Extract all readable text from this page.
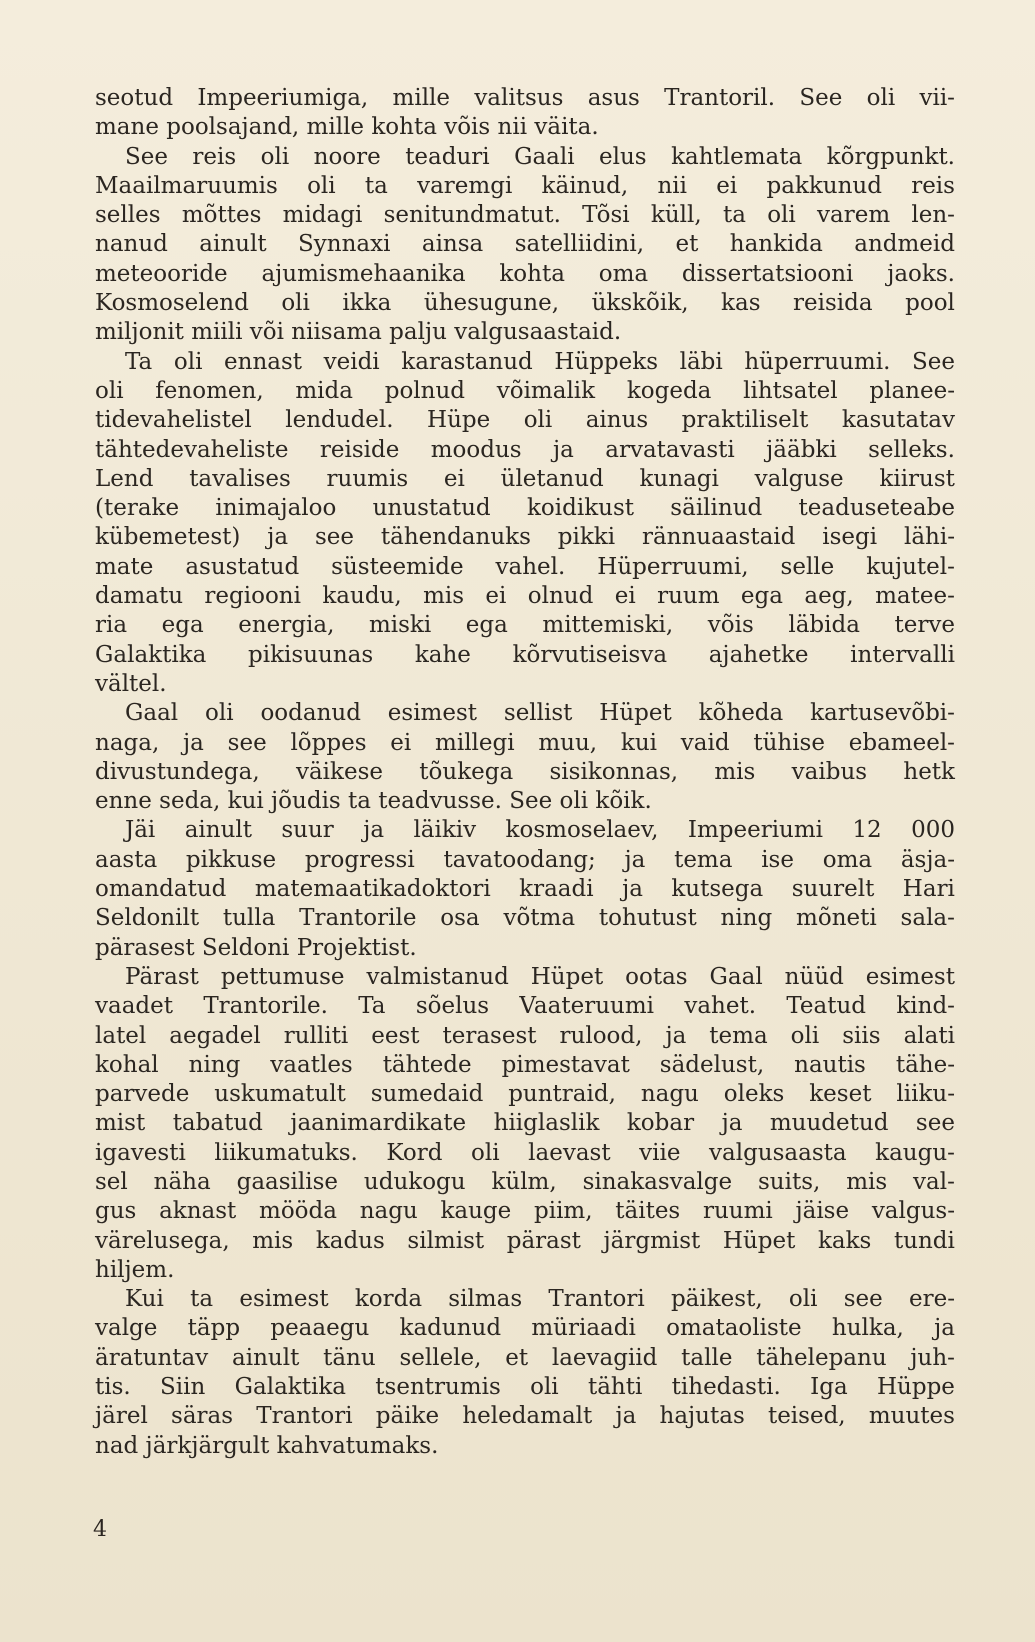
seotud Impeeriumiga, mille valitsus asus Trantoril. See oli vii-
mane poolsajand, mille kohta võis nii väita.
See reis oli noore teaduri Gaali elus kahtlemata kõrgpunkt.
Maailmaruumis oli ta varemgi käinud, nii ei pakkunud reis
selles mõttes midagi senitundmatut. Tõsi küll, ta oli varem len-
nanud ainult Synnaxi ainsa satelliidini, et hankida andmeid
meteooride ajumismehaanika kohta oma dissertatsiooni jaoks.
Kosmoselend oli ikka ühesugune, ükskõik, kas reisida pool
miljonit miili või niisama palju valgusaastaid.
Ta oli ennast veidi karastanud Hüppeks läbi hüperruumi. See
oli fenomen, mida polnud võimalik kogeda lihtsatel planee-
tidevahelistel lendudel. Hüpe oli ainus praktiliselt kasutatav
tähtedevaheliste reiside moodus ja arvatavasti jääbki selleks.
Lend tavalises ruumis ei ületanud kunagi valguse kiirust
(terake inimajaloo unustatud koidikust säilinud teaduseteabe
kübemetest) ja see tähendanuks pikki rännuaastaid isegi lähi-
mate asustatud süsteemide vahel. Hüperruumi, selle kujutel-
damatu regiooni kaudu, mis ei olnud ei ruum ega aeg, matee-
ria ega energia, miski ega mittemiski, võis läbida terve
Galaktika pikisuunas kahe kõrvutiseisva ajahetke intervalli
vältel.
Gaal oli oodanud esimest sellist Hüpet kõheda kartusevõbi-
naga, ja see lõppes ei millegi muu, kui vaid tühise ebameel-
divustundega, väikese tõukega sisikonnas, mis vaibus hetk
enne seda, kui jõudis ta teadvusse. See oli kõik.
Jäi ainult suur ja läikiv kosmoselaev, Impeeriumi 12 000
aasta pikkuse progressi tavatoodang; ja tema ise oma äsja-
omandatud matemaatikadoktori kraadi ja kutsega suurelt Hari
Seldonilt tulla Trantorile osa võtma tohutust ning mõneti sala-
pärasest Seldoni Projektist.
Pärast pettumuse valmistanud Hüpet ootas Gaal nüüd esimest
vaadet Trantorile. Ta sõelus Vaateruumi vahet. Teatud kind-
latel aegadel rulliti eest terasest rulood, ja tema oli siis alati
kohal ning vaatles tähtede pimestavat sädelust, nautis tähe-
parvede uskumatult sumedaid puntraid, nagu oleks keset liiku-
mist tabatud jaanimardikate hiiglaslik kobar ja muudetud see
igavesti liikumatuks. Kord oli laevast viie valgusaasta kaugu-
sel näha gaasilise udukogu külm, sinakasvalge suits, mis val-
gus aknast mööda nagu kauge piim, täites ruumi jäise valgus-
värelusega, mis kadus silmist pärast järgmist Hüpet kaks tundi
hiljem.
Kui ta esimest korda silmas Trantori päikest, oli see ere-
valge täpp peaaegu kadunud müriaadi omataoliste hulka, ja
äratuntav ainult tänu sellele, et laevagiid talle tähelepanu juh-
tis. Siin Galaktika tsentrumis oli tähti tihedasti. Iga Hüppe
järel säras Trantori päike heledamalt ja hajutas teised, muutes
nad järkjärgult kahvatumaks.
4
